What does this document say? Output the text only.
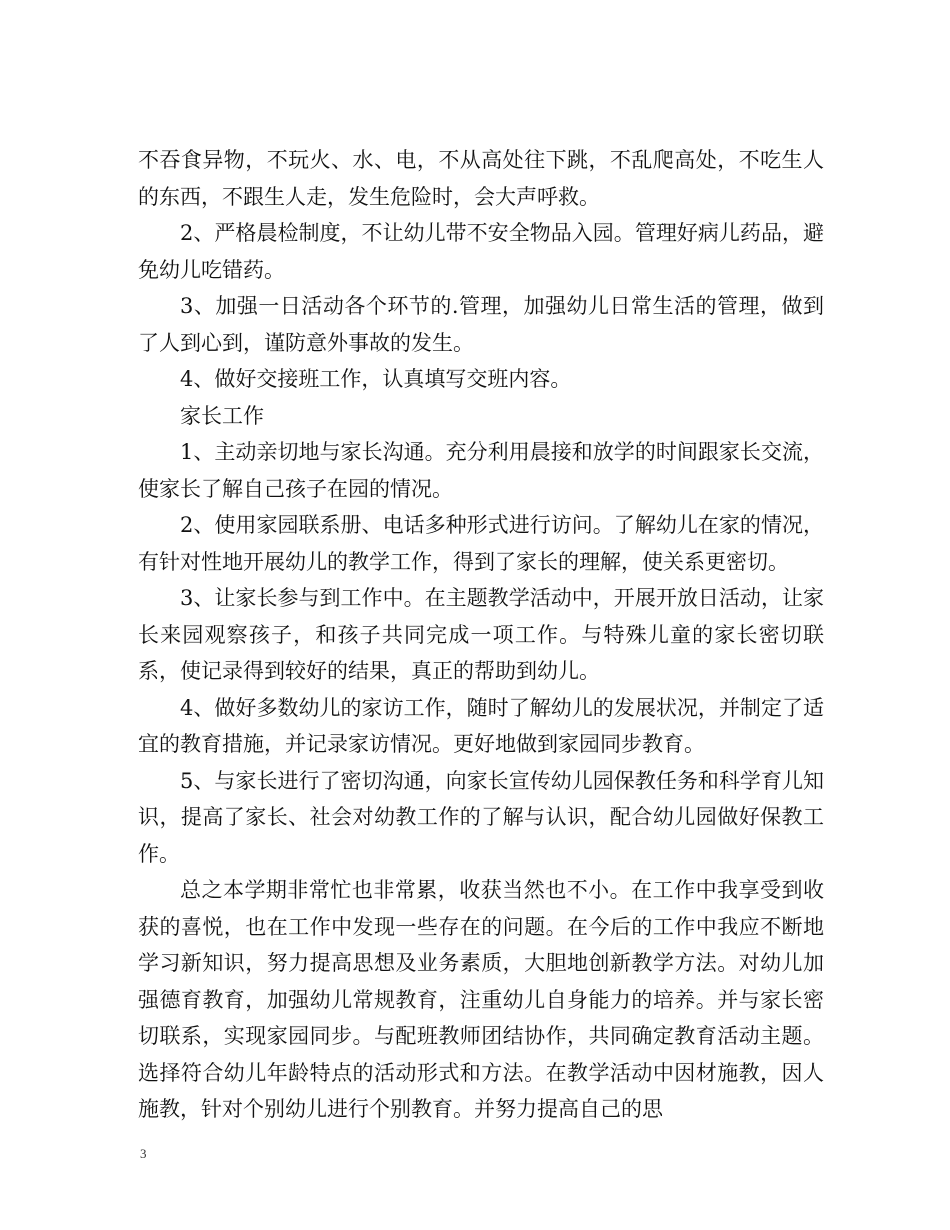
不吞食异物，不玩火、水、电，不从高处往下跳，不乱爬高处，不吃生人的东西，不跟生人走，发生危险时，会大声呼救。

2、严格晨检制度，不让幼儿带不安全物品入园。管理好病儿药品，避免幼儿吃错药。

3、加强一日活动各个环节的.管理，加强幼儿日常生活的管理，做到了人到心到，谨防意外事故的发生。

4、做好交接班工作，认真填写交班内容。

家长工作

1、主动亲切地与家长沟通。充分利用晨接和放学的时间跟家长交流，使家长了解自己孩子在园的情况。

2、使用家园联系册、电话多种形式进行访问。了解幼儿在家的情况，有针对性地开展幼儿的教学工作，得到了家长的理解，使关系更密切。

3、让家长参与到工作中。在主题教学活动中，开展开放日活动，让家长来园观察孩子，和孩子共同完成一项工作。与特殊儿童的家长密切联系，使记录得到较好的结果，真正的帮助到幼儿。

4、做好多数幼儿的家访工作，随时了解幼儿的发展状况，并制定了适宜的教育措施，并记录家访情况。更好地做到家园同步教育。

5、与家长进行了密切沟通，向家长宣传幼儿园保教任务和科学育儿知识，提高了家长、社会对幼教工作的了解与认识，配合幼儿园做好保教工作。

总之本学期非常忙也非常累，收获当然也不小。在工作中我享受到收获的喜悦，也在工作中发现一些存在的问题。在今后的工作中我应不断地学习新知识，努力提高思想及业务素质，大胆地创新教学方法。对幼儿加强德育教育，加强幼儿常规教育，注重幼儿自身能力的培养。并与家长密切联系，实现家园同步。与配班教师团结协作，共同确定教育活动主题。选择符合幼儿年龄特点的活动形式和方法。在教学活动中因材施教，因人施教，针对个别幼儿进行个别教育。并努力提高自己的思

3
